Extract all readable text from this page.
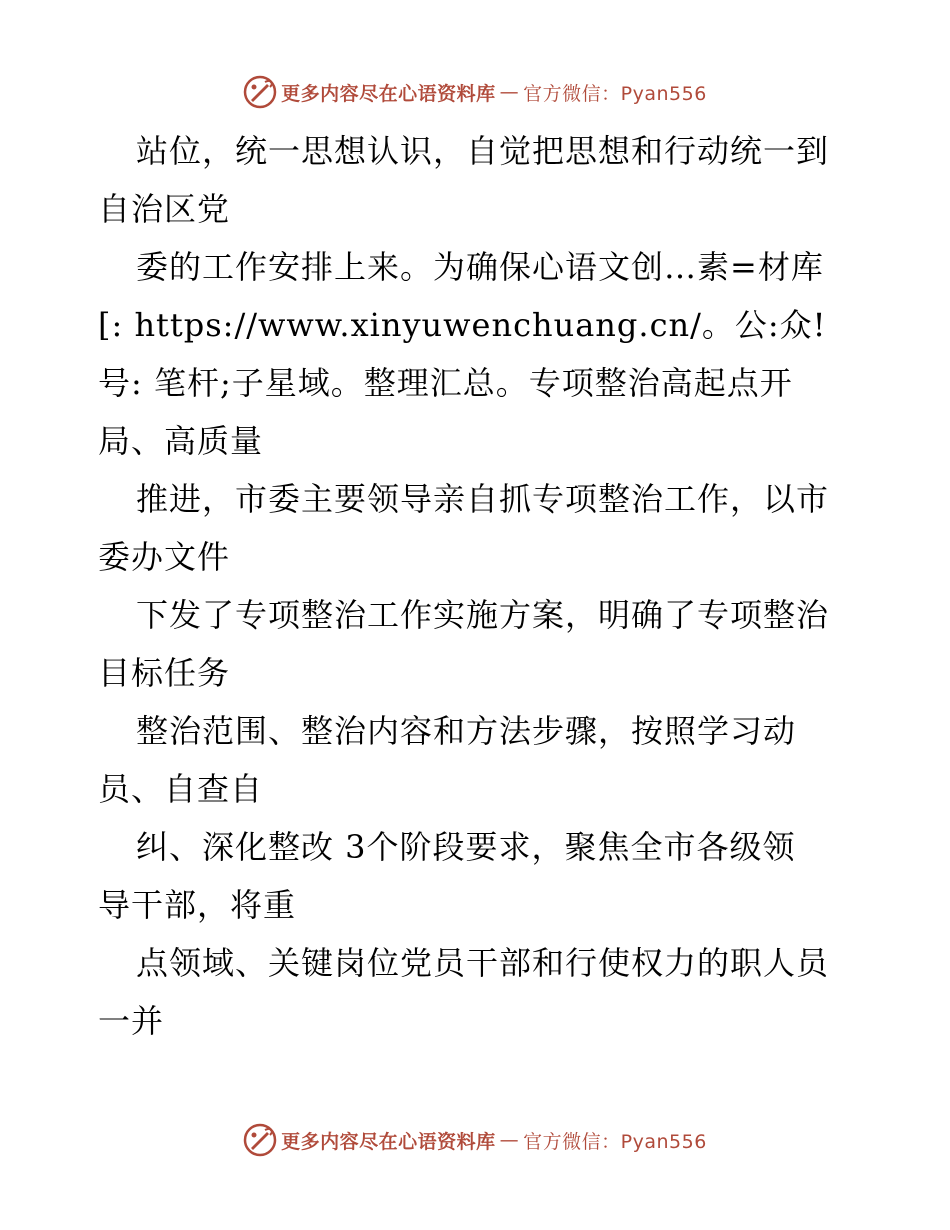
更多内容尽在心语资料库 — 官方微信：Pyan556
站位，统一思想认识，自觉把思想和行动统一到
自治区党
委的工作安排上来。为确保心语文创…素=材库
[: https://www.xinyuwenchuang.cn/。公:众!
号: 笔杆;子星域。整理汇总。专项整治高起点开
局、高质量
推进，市委主要领导亲自抓专项整治工作，以市
委办文件
下发了专项整治工作实施方案，明确了专项整治
目标任务
整治范围、整治内容和方法步骤，按照学习动
员、自查自
纠、深化整改 3个阶段要求，聚焦全市各级领
导干部，将重
点领域、关键岗位党员干部和行使权力的职人员
一并
更多内容尽在心语资料库 — 官方微信：Pyan556
